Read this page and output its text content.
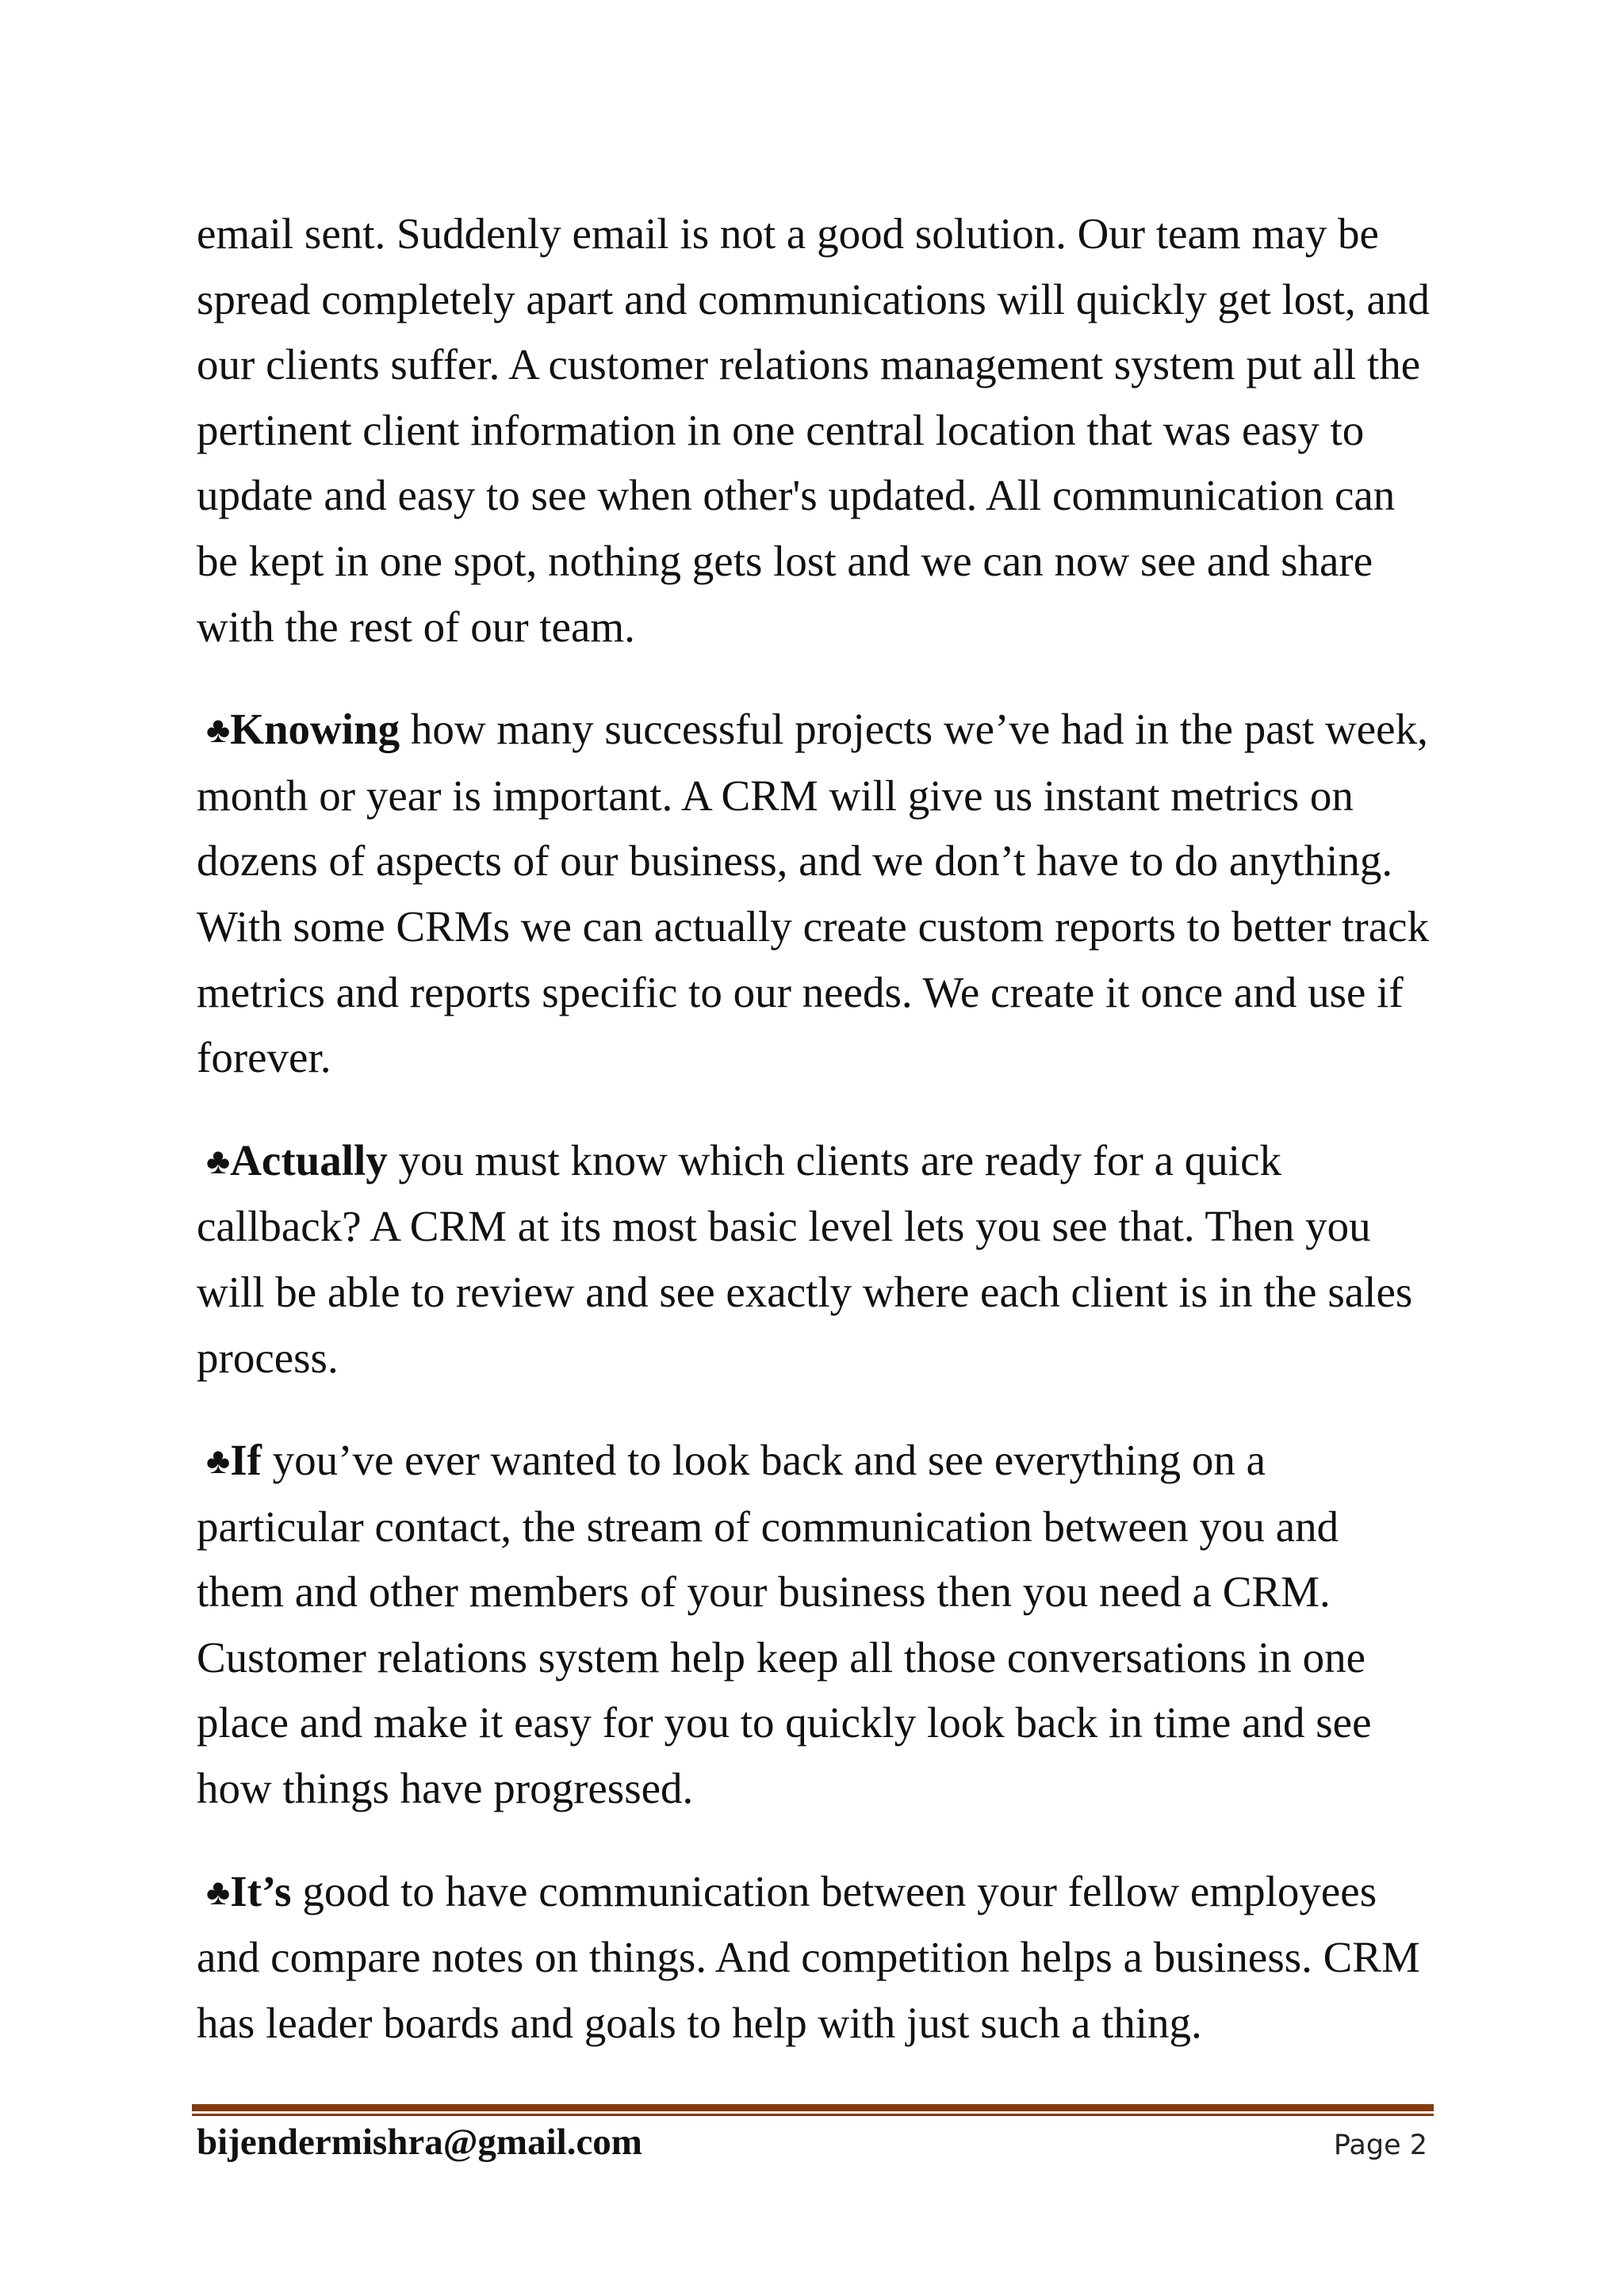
email sent. Suddenly email is not a good solution. Our team may be spread completely apart and communications will quickly get lost, and our clients suffer. A customer relations management system put all the pertinent client information in one central location that was easy to update and easy to see when other's updated. All communication can be kept in one spot, nothing gets lost and we can now see and share with the rest of our team.

♣Knowing how many successful projects we’ve had in the past week, month or year is important. A CRM will give us instant metrics on dozens of aspects of our business, and we don’t have to do anything. With some CRMs we can actually create custom reports to better track metrics and reports specific to our needs. We create it once and use if forever.

♣Actually you must know which clients are ready for a quick callback? A CRM at its most basic level lets you see that. Then you will be able to review and see exactly where each client is in the sales process.

♣If you’ve ever wanted to look back and see everything on a particular contact, the stream of communication between you and them and other members of your business then you need a CRM. Customer relations system help keep all those conversations in one place and make it easy for you to quickly look back in time and see how things have progressed.

♣It’s good to have communication between your fellow employees and compare notes on things. And competition helps a business. CRM has leader boards and goals to help with just such a thing.

bijendermishra@gmail.com	Page 2
